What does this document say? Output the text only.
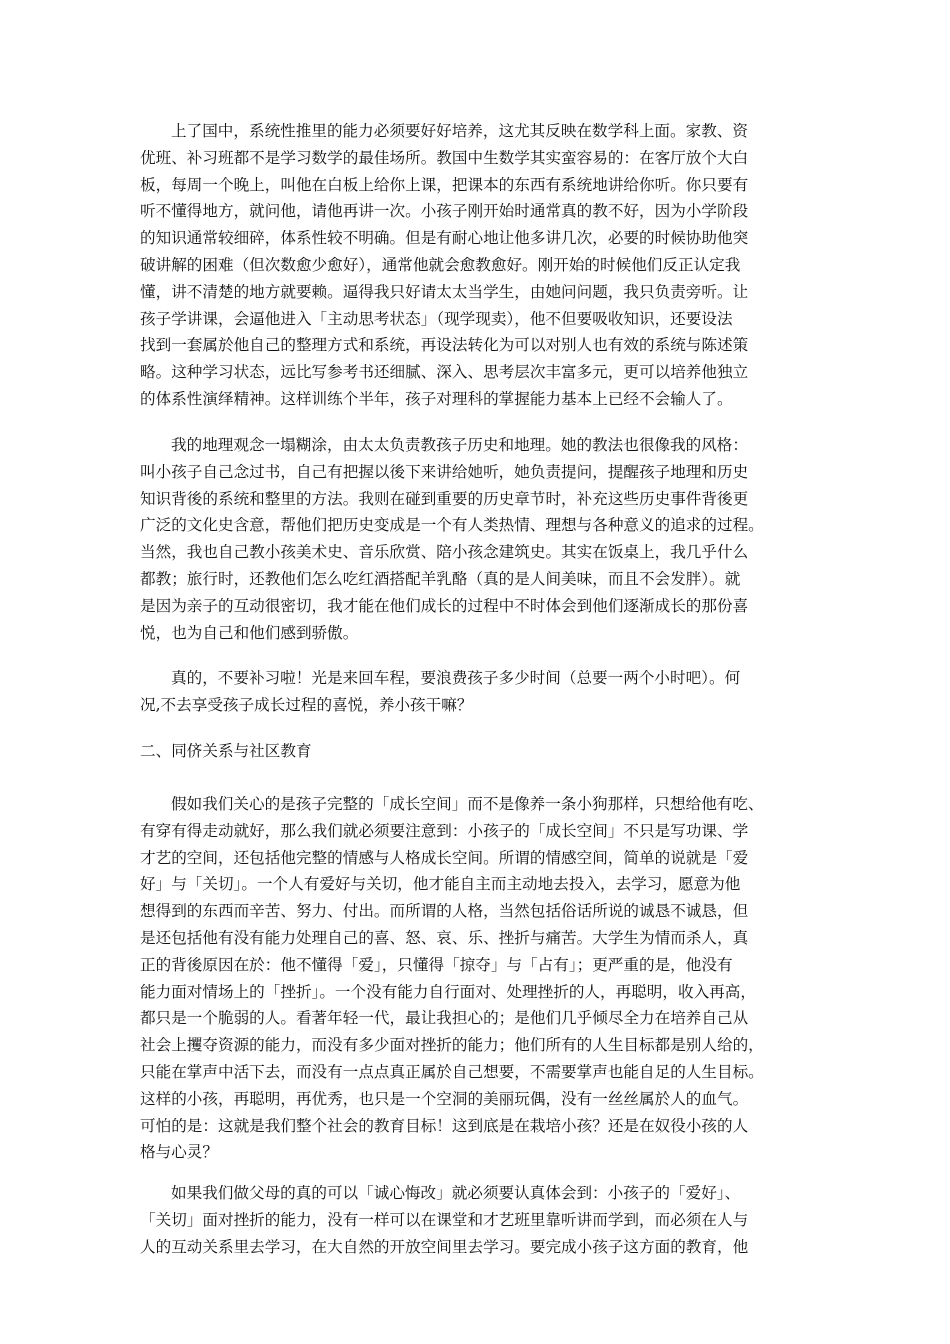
上了国中，系统性推里的能力必须要好好培养，这尤其反映在数学科上面。家教、资
优班、补习班都不是学习数学的最佳场所。教国中生数学其实蛮容易的：在客厅放个大白
板，每周一个晚上，叫他在白板上给你上课，把课本的东西有系统地讲给你听。你只要有
听不懂得地方，就问他，请他再讲一次。小孩子刚开始时通常真的教不好，因为小学阶段
的知识通常较细碎，体系性较不明确。但是有耐心地让他多讲几次，必要的时候协助他突
破讲解的困难（但次数愈少愈好），通常他就会愈教愈好。刚开始的时候他们反正认定我
懂，讲不清楚的地方就要赖。逼得我只好请太太当学生，由她问问题，我只负责旁听。让
孩子学讲课，会逼他进入「主动思考状态」（现学现卖），他不但要吸收知识，还要设法
找到一套属於他自己的整理方式和系统，再设法转化为可以对别人也有效的系统与陈述策
略。这种学习状态，远比写参考书还细腻、深入、思考层次丰富多元，更可以培养他独立
的体系性演绎精神。这样训练个半年，孩子对理科的掌握能力基本上已经不会输人了。
我的地理观念一塌糊涂，由太太负责教孩子历史和地理。她的教法也很像我的风格：
叫小孩子自己念过书，自己有把握以後下来讲给她听，她负责提问，提醒孩子地理和历史
知识背後的系统和整里的方法。我则在碰到重要的历史章节时，补充这些历史事件背後更
广泛的文化史含意，帮他们把历史变成是一个有人类热情、理想与各种意义的追求的过程。
当然，我也自己教小孩美术史、音乐欣赏、陪小孩念建筑史。其实在饭桌上，我几乎什么
都教；旅行时，还教他们怎么吃红酒搭配羊乳酪（真的是人间美味，而且不会发胖）。就
是因为亲子的互动很密切，我才能在他们成长的过程中不时体会到他们逐渐成长的那份喜
悦，也为自己和他们感到骄傲。
真的，不要补习啦！光是来回车程，要浪费孩子多少时间（总要一两个小时吧）。何
况,不去享受孩子成长过程的喜悦，养小孩干嘛？
二、同侪关系与社区教育
假如我们关心的是孩子完整的「成长空间」而不是像养一条小狗那样，只想给他有吃、
有穿有得走动就好，那么我们就必须要注意到：小孩子的「成长空间」不只是写功课、学
才艺的空间，还包括他完整的情感与人格成长空间。所谓的情感空间，简单的说就是「爱
好」与「关切」。一个人有爱好与关切，他才能自主而主动地去投入，去学习，愿意为他
想得到的东西而辛苦、努力、付出。而所谓的人格，当然包括俗话所说的诚恳不诚恳，但
是还包括他有没有能力处理自己的喜、怒、哀、乐、挫折与痛苦。大学生为情而杀人，真
正的背後原因在於：他不懂得「爱」，只懂得「掠夺」与「占有」；更严重的是，他没有
能力面对情场上的「挫折」。一个没有能力自行面对、处理挫折的人，再聪明，收入再高，
都只是一个脆弱的人。看著年轻一代，最让我担心的；是他们几乎倾尽全力在培养自己从
社会上攫夺资源的能力，而没有多少面对挫折的能力；他们所有的人生目标都是别人给的，
只能在掌声中活下去，而没有一点点真正属於自己想要，不需要掌声也能自足的人生目标。
这样的小孩，再聪明，再优秀，也只是一个空洞的美丽玩偶，没有一丝丝属於人的血气。
可怕的是：这就是我们整个社会的教育目标！这到底是在栽培小孩？还是在奴役小孩的人
格与心灵？
如果我们做父母的真的可以「诚心悔改」就必须要认真体会到：小孩子的「爱好」、
「关切」面对挫折的能力，没有一样可以在课堂和才艺班里靠听讲而学到，而必须在人与
人的互动关系里去学习，在大自然的开放空间里去学习。要完成小孩子这方面的教育，他
